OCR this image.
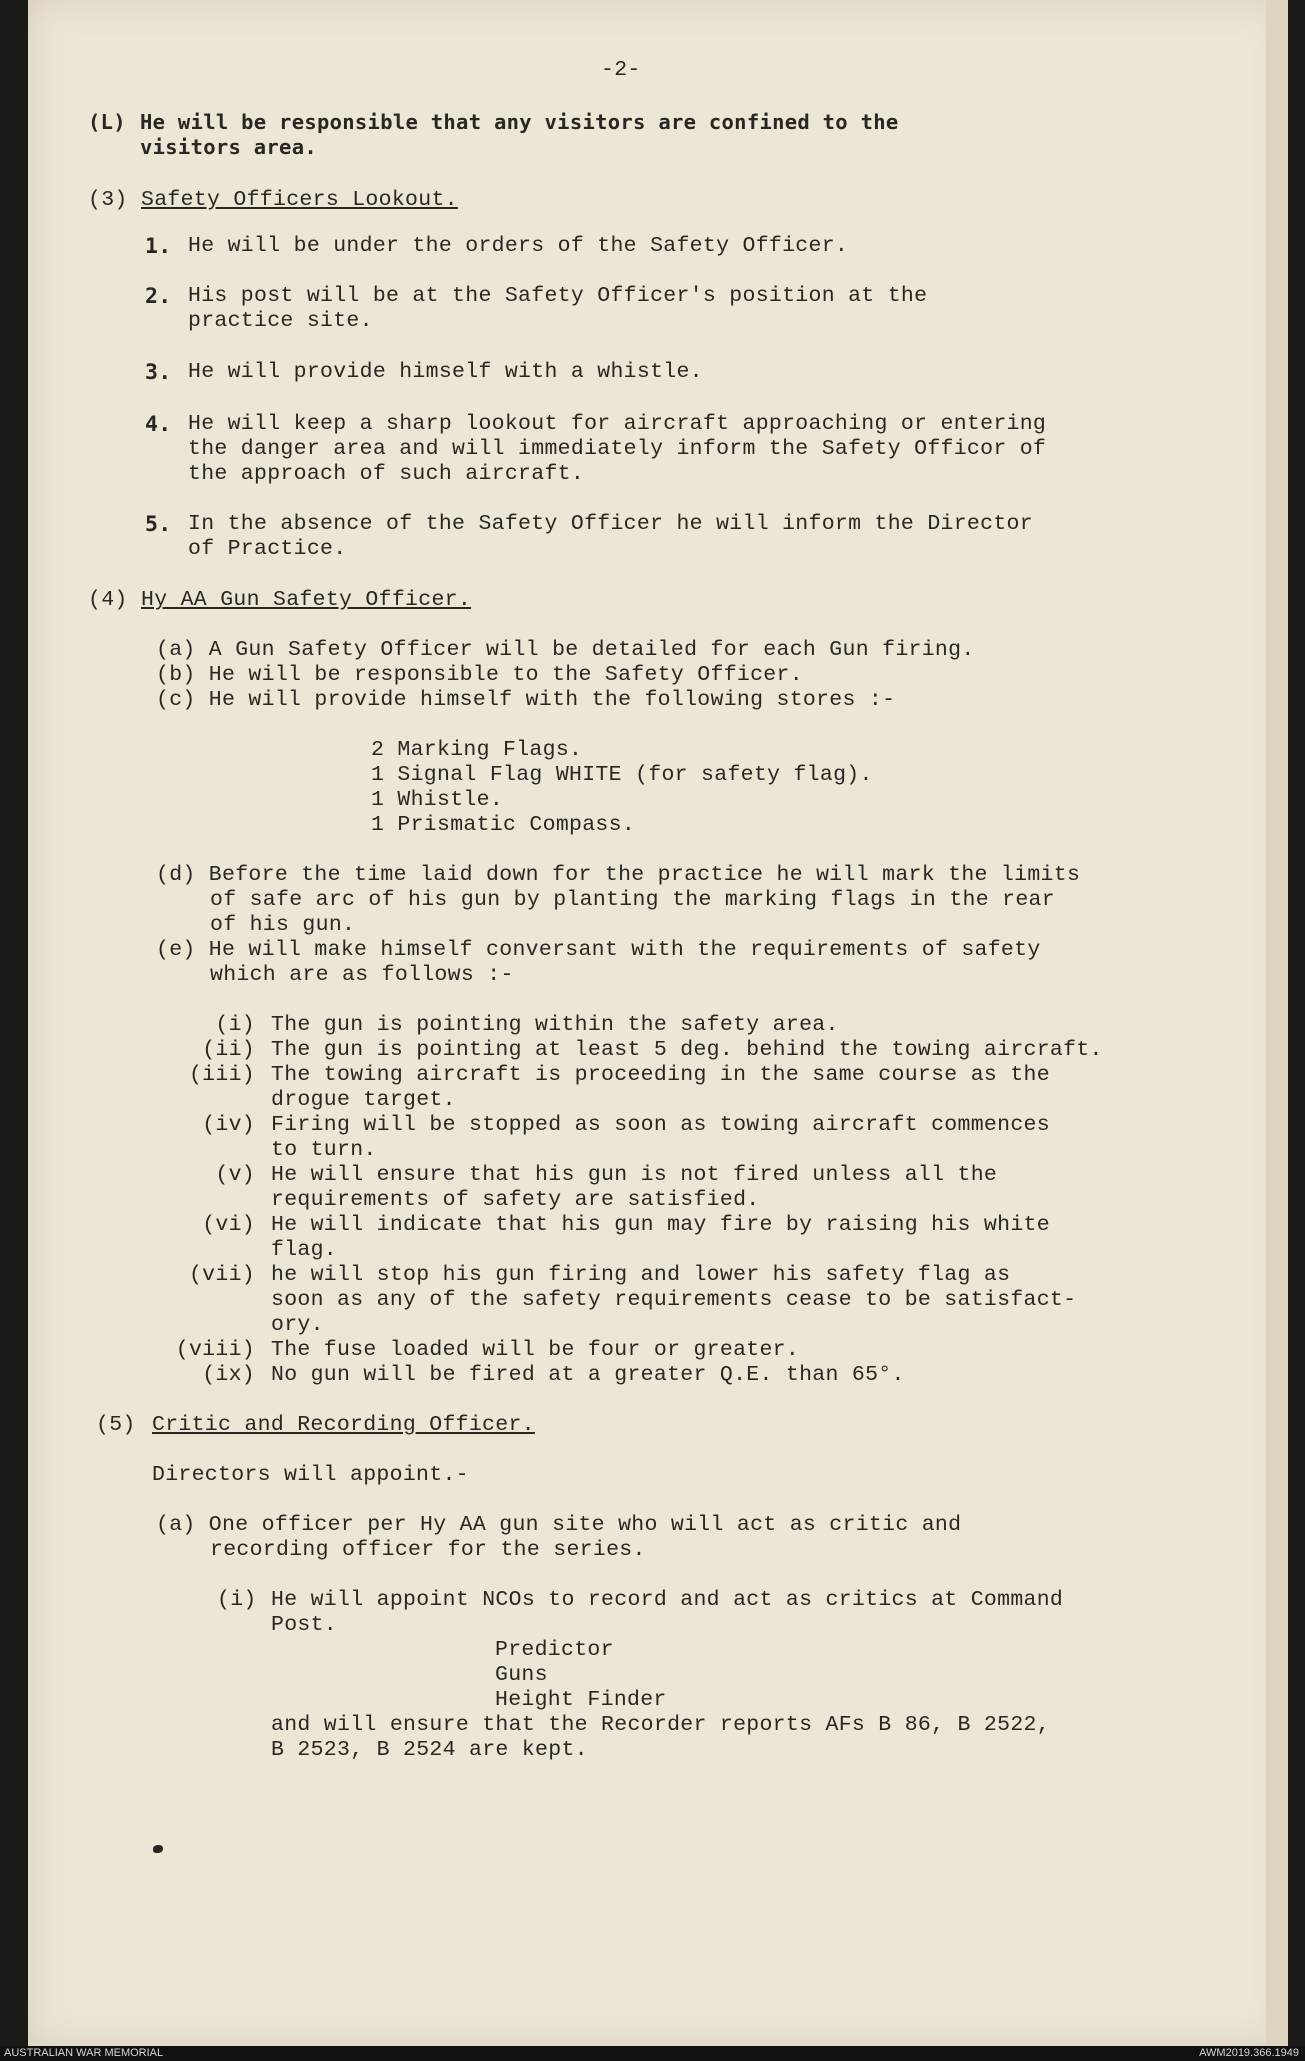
-2-
(L) He will be responsible that any visitors are confined to the
visitors area.
(3) Safety Officers Lookout.
1. He will be under the orders of the Safety Officer.
2. His post will be at the Safety Officer's position at the
practice site.
3. He will provide himself with a whistle.
4. He will keep a sharp lookout for aircraft approaching or entering
the danger area and will immediately inform the Safety Officor of
the approach of such aircraft.
5. In the absence of the Safety Officer he will inform the Director
of Practice.
(4) Hy AA Gun Safety Officer.
(a) A Gun Safety Officer will be detailed for each Gun firing.
(b) He will be responsible to the Safety Officer.
(c) He will provide himself with the following stores :-
2 Marking Flags.
1 Signal Flag WHITE (for safety flag).
1 Whistle.
1 Prismatic Compass.
(d) Before the time laid down for the practice he will mark the limits
of safe arc of his gun by planting the marking flags in the rear
of his gun.
(e) He will make himself conversant with the requirements of safety
which are as follows :-
(i) The gun is pointing within the safety area.
(ii) The gun is pointing at least 5 deg. behind the towing aircraft.
(iii) The towing aircraft is proceeding in the same course as the
drogue target.
(iv) Firing will be stopped as soon as towing aircraft commences
to turn.
(v) He will ensure that his gun is not fired unless all the
requirements of safety are satisfied.
(vi) He will indicate that his gun may fire by raising his white
flag.
(vii) he will stop his gun firing and lower his safety flag as
soon as any of the safety requirements cease to be satisfact-
ory.
(viii) The fuse loaded will be four or greater.
(ix) No gun will be fired at a greater Q.E. than 65°.
(5) Critic and Recording Officer.
Directors will appoint.-
(a) One officer per Hy AA gun site who will act as critic and
recording officer for the series.
(i) He will appoint NCOs to record and act as critics at Command
Post.
Predictor
Guns
Height Finder
and will ensure that the Recorder reports AFs B 86, B 2522,
B 2523, B 2524 are kept.
AUSTRALIAN WAR MEMORIAL	AWM2019.366.1949
